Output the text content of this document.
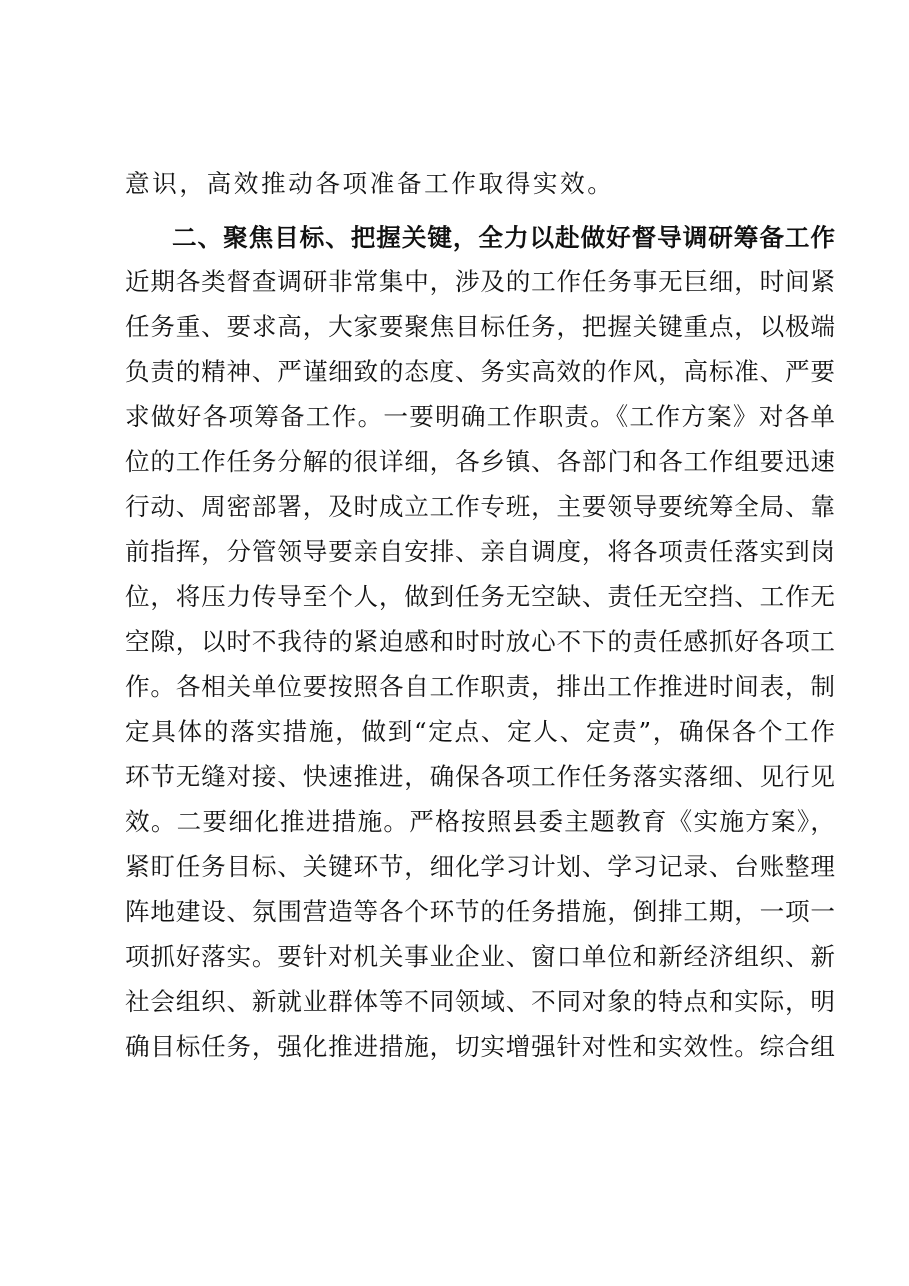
意识，高效推动各项准备工作取得实效。
二、聚焦目标、把握关键，全力以赴做好督导调研筹备工作
近期各类督查调研非常集中，涉及的工作任务事无巨细，时间紧
任务重、要求高，大家要聚焦目标任务，把握关键重点，以极端
负责的精神、严谨细致的态度、务实高效的作风，高标准、严要
求做好各项筹备工作。一要明确工作职责。《工作方案》对各单
位的工作任务分解的很详细，各乡镇、各部门和各工作组要迅速
行动、周密部署，及时成立工作专班，主要领导要统筹全局、靠
前指挥，分管领导要亲自安排、亲自调度，将各项责任落实到岗
位，将压力传导至个人，做到任务无空缺、责任无空挡、工作无
空隙，以时不我待的紧迫感和时时放心不下的责任感抓好各项工
作。各相关单位要按照各自工作职责，排出工作推进时间表，制
定具体的落实措施，做到“定点、定人、定责”，确保各个工作
环节无缝对接、快速推进，确保各项工作任务落实落细、见行见
效。二要细化推进措施。严格按照县委主题教育《实施方案》，
紧盯任务目标、关键环节，细化学习计划、学习记录、台账整理
阵地建设、氛围营造等各个环节的任务措施，倒排工期，一项一
项抓好落实。要针对机关事业企业、窗口单位和新经济组织、新
社会组织、新就业群体等不同领域、不同对象的特点和实际，明
确目标任务，强化推进措施，切实增强针对性和实效性。综合组
